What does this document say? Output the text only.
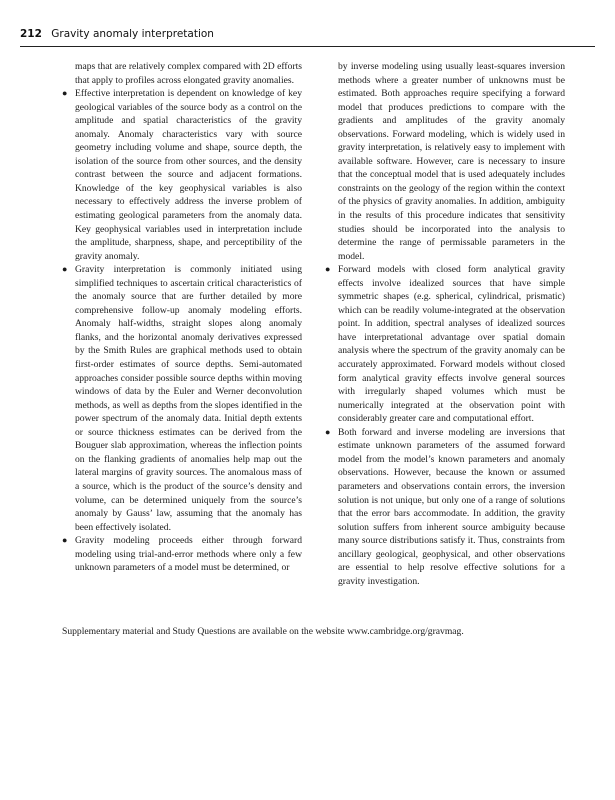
212 Gravity anomaly interpretation

maps that are relatively complex compared with 2D efforts that apply to profiles across elongated gravity anomalies.

● Effective interpretation is dependent on knowledge of key geological variables of the source body as a control on the amplitude and spatial characteristics of the gravity anomaly. Anomaly characteristics vary with source geometry including volume and shape, source depth, the isolation of the source from other sources, and the density contrast between the source and adjacent formations. Knowledge of the key geophysical variables is also necessary to effectively address the inverse problem of estimating geological parameters from the anomaly data. Key geophysical variables used in interpretation include the amplitude, sharpness, shape, and perceptibility of the gravity anomaly.

● Gravity interpretation is commonly initiated using simplified techniques to ascertain critical characteristics of the anomaly source that are further detailed by more comprehensive follow-up anomaly modeling efforts. Anomaly half-widths, straight slopes along anomaly flanks, and the horizontal anomaly derivatives expressed by the Smith Rules are graphical methods used to obtain first-order estimates of source depths. Semi-automated approaches consider possible source depths within moving windows of data by the Euler and Werner deconvolution methods, as well as depths from the slopes identified in the power spectrum of the anomaly data. Initial depth extents or source thickness estimates can be derived from the Bouguer slab approximation, whereas the inflection points on the flanking gradients of anomalies help map out the lateral margins of gravity sources. The anomalous mass of a source, which is the product of the source’s density and volume, can be determined uniquely from the source’s anomaly by Gauss’ law, assuming that the anomaly has been effectively isolated.

● Gravity modeling proceeds either through forward modeling using trial-and-error methods where only a few unknown parameters of a model must be determined, or

by inverse modeling using usually least-squares inversion methods where a greater number of unknowns must be estimated. Both approaches require specifying a forward model that produces predictions to compare with the gradients and amplitudes of the gravity anomaly observations. Forward modeling, which is widely used in gravity interpretation, is relatively easy to implement with available software. However, care is necessary to insure that the conceptual model that is used adequately includes constraints on the geology of the region within the context of the physics of gravity anomalies. In addition, ambiguity in the results of this procedure indicates that sensitivity studies should be incorporated into the analysis to determine the range of permissable parameters in the model.

● Forward models with closed form analytical gravity effects involve idealized sources that have simple symmetric shapes (e.g. spherical, cylindrical, prismatic) which can be readily volume-integrated at the observation point. In addition, spectral analyses of idealized sources have interpretational advantage over spatial domain analysis where the spectrum of the gravity anomaly can be accurately approximated. Forward models without closed form analytical gravity effects involve general sources with irregularly shaped volumes which must be numerically integrated at the observation point with considerably greater care and computational effort.

● Both forward and inverse modeling are inversions that estimate unknown parameters of the assumed forward model from the model’s known parameters and anomaly observations. However, because the known or assumed parameters and observations contain errors, the inversion solution is not unique, but only one of a range of solutions that the error bars accommodate. In addition, the gravity solution suffers from inherent source ambiguity because many source distributions satisfy it. Thus, constraints from ancillary geological, geophysical, and other observations are essential to help resolve effective solutions for a gravity investigation.

Supplementary material and Study Questions are available on the website www.cambridge.org/gravmag.
